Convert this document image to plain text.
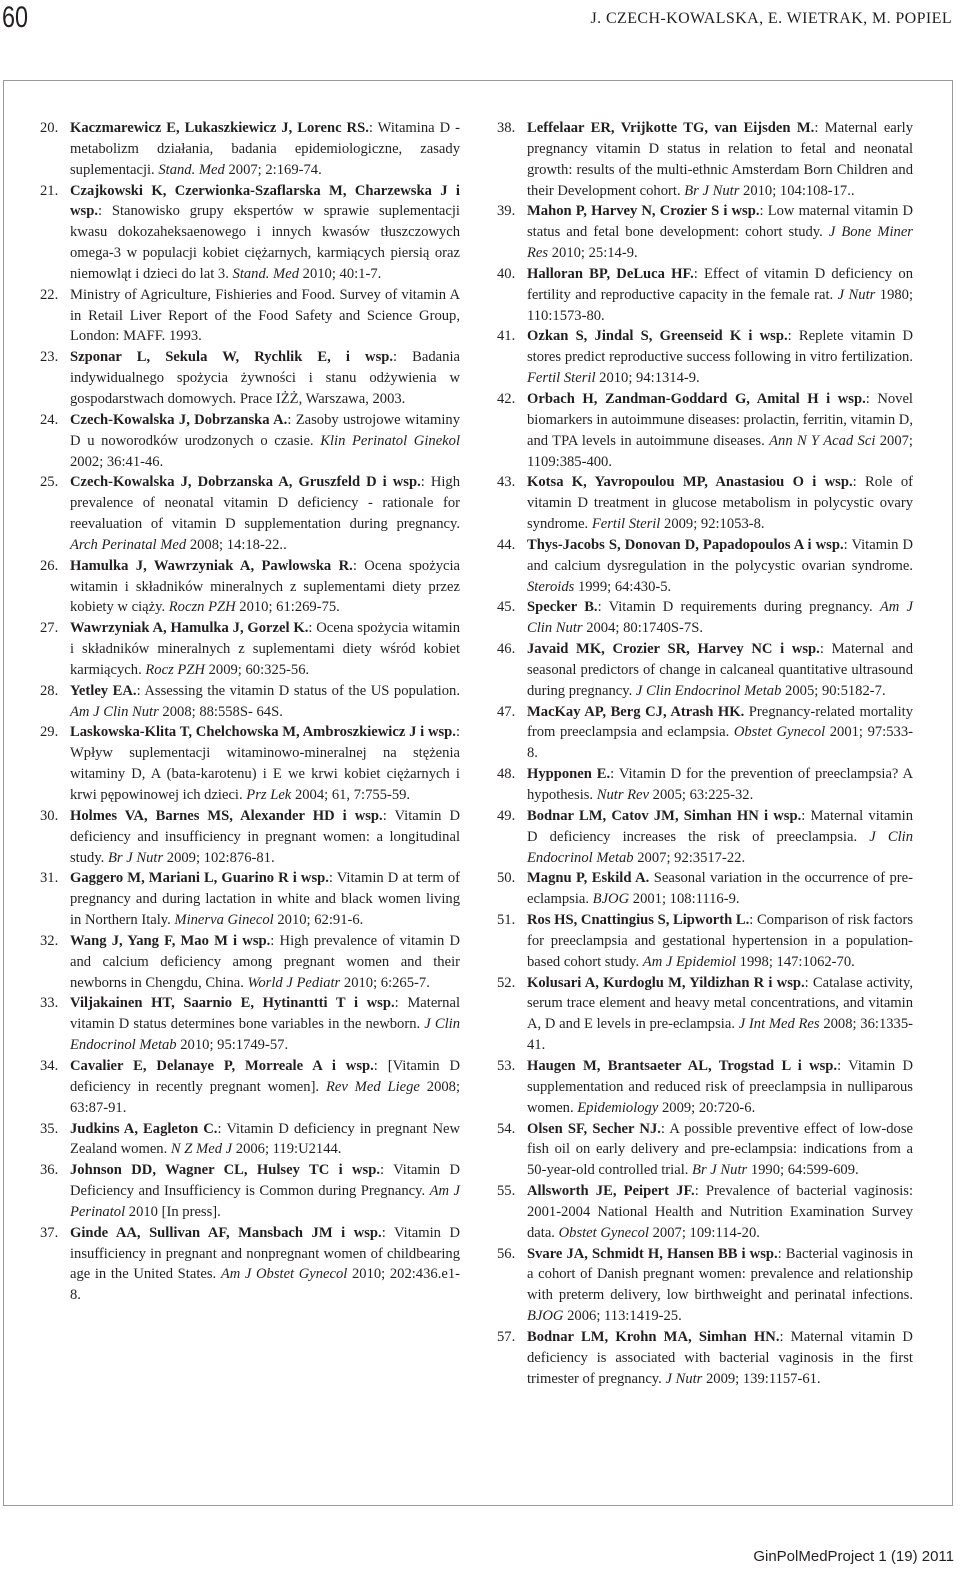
60	J. CZECH-KOWALSKA, E. WIETRAK, M. POPIEL
20. Kaczmarewicz E, Lukaszkiewicz J, Lorenc RS.: Witamina D - metabolizm działania, badania epidemiologiczne, zasady suplementacji. Stand. Med 2007; 2:169-74.
21. Czajkowski K, Czerwionka-Szaflarska M, Charzewska J i wsp.: Stanowisko grupy ekspertów w sprawie suplementacji kwasu dokozaheksaenowego i innych kwasów tłuszczowych omega-3 w populacji kobiet ciężarnych, karmiących piersią oraz niemowląt i dzieci do lat 3. Stand. Med 2010; 40:1-7.
22. Ministry of Agriculture, Fishieries and Food. Survey of vitamin A in Retail Liver Report of the Food Safety and Science Group, London: MAFF. 1993.
23. Szponar L, Sekula W, Rychlik E, i wsp.: Badania indywidualnego spożycia żywności i stanu odżywienia w gospodarstwach domowych. Prace IŻŻ, Warszawa, 2003.
24. Czech-Kowalska J, Dobrzanska A.: Zasoby ustrojowe witaminy D u noworodków urodzonych o czasie. Klin Perinatol Ginekol 2002; 36:41-46.
25. Czech-Kowalska J, Dobrzanska A, Gruszfeld D i wsp.: High prevalence of neonatal vitamin D deficiency - rationale for reevaluation of vitamin D supplementation during pregnancy. Arch Perinatal Med 2008; 14:18-22..
26. Hamulka J, Wawrzyniak A, Pawlowska R.: Ocena spożycia witamin i składników mineralnych z suplementami diety przez kobiety w ciąży. Roczn PZH 2010; 61:269-75.
27. Wawrzyniak A, Hamulka J, Gorzel K.: Ocena spożycia witamin i składników mineralnych z suplementami diety wśród kobiet karmiących. Rocz PZH 2009; 60:325-56.
28. Yetley EA.: Assessing the vitamin D status of the US population. Am J Clin Nutr 2008; 88:558S- 64S.
29. Laskowska-Klita T, Chelchowska M, Ambroszkiewicz J i wsp.: Wpływ suplementacji witaminowo-mineralnej na stężenia witaminy D, A (bata-karotenu) i E we krwi kobiet ciężarnych i krwi pępowinowej ich dzieci. Prz Lek 2004; 61, 7:755-59.
30. Holmes VA, Barnes MS, Alexander HD i wsp.: Vitamin D deficiency and insufficiency in pregnant women: a longitudinal study. Br J Nutr 2009; 102:876-81.
31. Gaggero M, Mariani L, Guarino R i wsp.: Vitamin D at term of pregnancy and during lactation in white and black women living in Northern Italy. Minerva Ginecol 2010; 62:91-6.
32. Wang J, Yang F, Mao M i wsp.: High prevalence of vitamin D and calcium deficiency among pregnant women and their newborns in Chengdu, China. World J Pediatr 2010; 6:265-7.
33. Viljakainen HT, Saarnio E, Hytinantti T i wsp.: Maternal vitamin D status determines bone variables in the newborn. J Clin Endocrinol Metab 2010; 95:1749-57.
34. Cavalier E, Delanaye P, Morreale A i wsp.: [Vitamin D deficiency in recently pregnant women]. Rev Med Liege 2008; 63:87-91.
35. Judkins A, Eagleton C.: Vitamin D deficiency in pregnant New Zealand women. N Z Med J 2006; 119:U2144.
36. Johnson DD, Wagner CL, Hulsey TC i wsp.: Vitamin D Deficiency and Insufficiency is Common during Pregnancy. Am J Perinatol 2010 [In press].
37. Ginde AA, Sullivan AF, Mansbach JM i wsp.: Vitamin D insufficiency in pregnant and nonpregnant women of childbearing age in the United States. Am J Obstet Gynecol 2010; 202:436.e1-8.
38. Leffelaar ER, Vrijkotte TG, van Eijsden M.: Maternal early pregnancy vitamin D status in relation to fetal and neonatal growth: results of the multi-ethnic Amsterdam Born Children and their Development cohort. Br J Nutr 2010; 104:108-17..
39. Mahon P, Harvey N, Crozier S i wsp.: Low maternal vitamin D status and fetal bone development: cohort study. J Bone Miner Res 2010; 25:14-9.
40. Halloran BP, DeLuca HF.: Effect of vitamin D deficiency on fertility and reproductive capacity in the female rat. J Nutr 1980; 110:1573-80.
41. Ozkan S, Jindal S, Greenseid K i wsp.: Replete vitamin D stores predict reproductive success following in vitro fertilization. Fertil Steril 2010; 94:1314-9.
42. Orbach H, Zandman-Goddard G, Amital H i wsp.: Novel biomarkers in autoimmune diseases: prolactin, ferritin, vitamin D, and TPA levels in autoimmune diseases. Ann N Y Acad Sci 2007; 1109:385-400.
43. Kotsa K, Yavropoulou MP, Anastasiou O i wsp.: Role of vitamin D treatment in glucose metabolism in polycystic ovary syndrome. Fertil Steril 2009; 92:1053-8.
44. Thys-Jacobs S, Donovan D, Papadopoulos A i wsp.: Vitamin D and calcium dysregulation in the polycystic ovarian syndrome. Steroids 1999; 64:430-5.
45. Specker B.: Vitamin D requirements during pregnancy. Am J Clin Nutr 2004; 80:1740S-7S.
46. Javaid MK, Crozier SR, Harvey NC i wsp.: Maternal and seasonal predictors of change in calcaneal quantitative ultrasound during pregnancy. J Clin Endocrinol Metab 2005; 90:5182-7.
47. MacKay AP, Berg CJ, Atrash HK. Pregnancy-related mortality from preeclampsia and eclampsia. Obstet Gynecol 2001; 97:533-8.
48. Hypponen E.: Vitamin D for the prevention of preeclampsia? A hypothesis. Nutr Rev 2005; 63:225-32.
49. Bodnar LM, Catov JM, Simhan HN i wsp.: Maternal vitamin D deficiency increases the risk of preeclampsia. J Clin Endocrinol Metab 2007; 92:3517-22.
50. Magnu P, Eskild A. Seasonal variation in the occurrence of pre-eclampsia. BJOG 2001; 108:1116-9.
51. Ros HS, Cnattingius S, Lipworth L.: Comparison of risk factors for preeclampsia and gestational hypertension in a population-based cohort study. Am J Epidemiol 1998; 147:1062-70.
52. Kolusari A, Kurdoglu M, Yildizhan R i wsp.: Catalase activity, serum trace element and heavy metal concentrations, and vitamin A, D and E levels in pre-eclampsia. J Int Med Res 2008; 36:1335-41.
53. Haugen M, Brantsaeter AL, Trogstad L i wsp.: Vitamin D supplementation and reduced risk of preeclampsia in nulliparous women. Epidemiology 2009; 20:720-6.
54. Olsen SF, Secher NJ.: A possible preventive effect of low-dose fish oil on early delivery and pre-eclampsia: indications from a 50-year-old controlled trial. Br J Nutr 1990; 64:599-609.
55. Allsworth JE, Peipert JF.: Prevalence of bacterial vaginosis: 2001-2004 National Health and Nutrition Examination Survey data. Obstet Gynecol 2007; 109:114-20.
56. Svare JA, Schmidt H, Hansen BB i wsp.: Bacterial vaginosis in a cohort of Danish pregnant women: prevalence and relationship with preterm delivery, low birthweight and perinatal infections. BJOG 2006; 113:1419-25.
57. Bodnar LM, Krohn MA, Simhan HN.: Maternal vitamin D deficiency is associated with bacterial vaginosis in the first trimester of pregnancy. J Nutr 2009; 139:1157-61.
GinPolMedProject 1 (19) 2011
